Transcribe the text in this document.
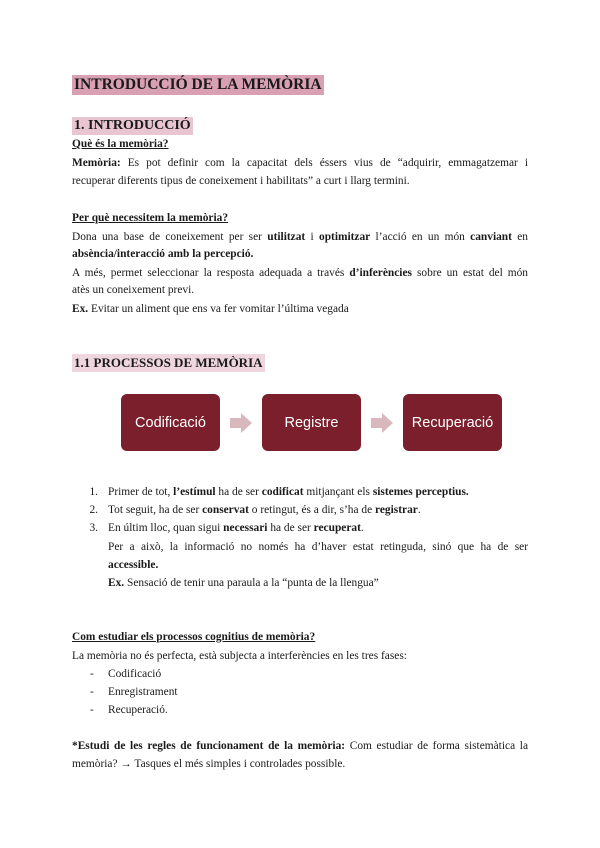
INTRODUCCIÓ DE LA MEMÒRIA
1. INTRODUCCIÓ
Què és la memòria?
Memòria: Es pot definir com la capacitat dels éssers vius de “adquirir, emmagatzemar i
recuperar diferents tipus de coneixement i habilitats” a curt i llarg termini.
Per què necessitem la memòria?
Dona una base de coneixement per ser utilitzat i optimitzar l’acció en un món canviant en
absència/interacció amb la percepció.
A més, permet seleccionar la resposta adequada a través d’inferències sobre un estat del món
atès un coneixement previ.
Ex. Evitar un aliment que ens va fer vomitar l’última vegada
1.1 PROCESSOS DE MEMÒRIA
Codificació	Registre	Recuperació
1. Primer de tot, l’estímul ha de ser codificat mitjançant els sistemes perceptius.
2. Tot seguit, ha de ser conservat o retingut, és a dir, s’ha de registrar.
3. En últim lloc, quan sigui necessari ha de ser recuperat.
Per a això, la informació no només ha d’haver estat retinguda, sinó que ha de ser
accessible.
Ex. Sensació de tenir una paraula a la “punta de la llengua”
Com estudiar els processos cognitius de memòria?
La memòria no és perfecta, està subjecta a interferències en les tres fases:
- Codificació
- Enregistrament
- Recuperació.
*Estudi de les regles de funcionament de la memòria: Com estudiar de forma sistemàtica la
memòria? → Tasques el més simples i controlades possible.
